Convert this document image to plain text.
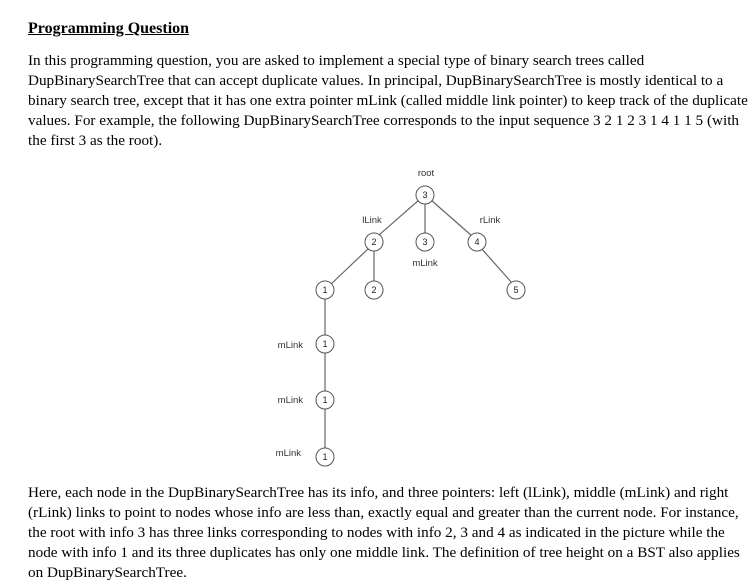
Programming Question

In this programming question, you are asked to implement a special type of binary search trees called DupBinarySearchTree that can accept duplicate values. In principal, DupBinarySearchTree is mostly identical to a binary search tree, except that it has one extra pointer mLink (called middle link pointer) to keep track of the duplicate values. For example, the following DupBinarySearchTree corresponds to the input sequence 3 2 1 2 3 1 4 1 1 5 (with the first 3 as the root).

3
2	3	4
1	2	5
1
1
1
root
lLink	rLink
mLink
mLink
mLink
mLink

Here, each node in the DupBinarySearchTree has its info, and three pointers: left (lLink), middle (mLink) and right (rLink) links to point to nodes whose info are less than, exactly equal and greater than the current node. For instance, the root with info 3 has three links corresponding to nodes with info 2, 3 and 4 as indicated in the picture while the node with info 1 and its three duplicates has only one middle link. The definition of tree height on a BST also applies on DupBinarySearchTree.
